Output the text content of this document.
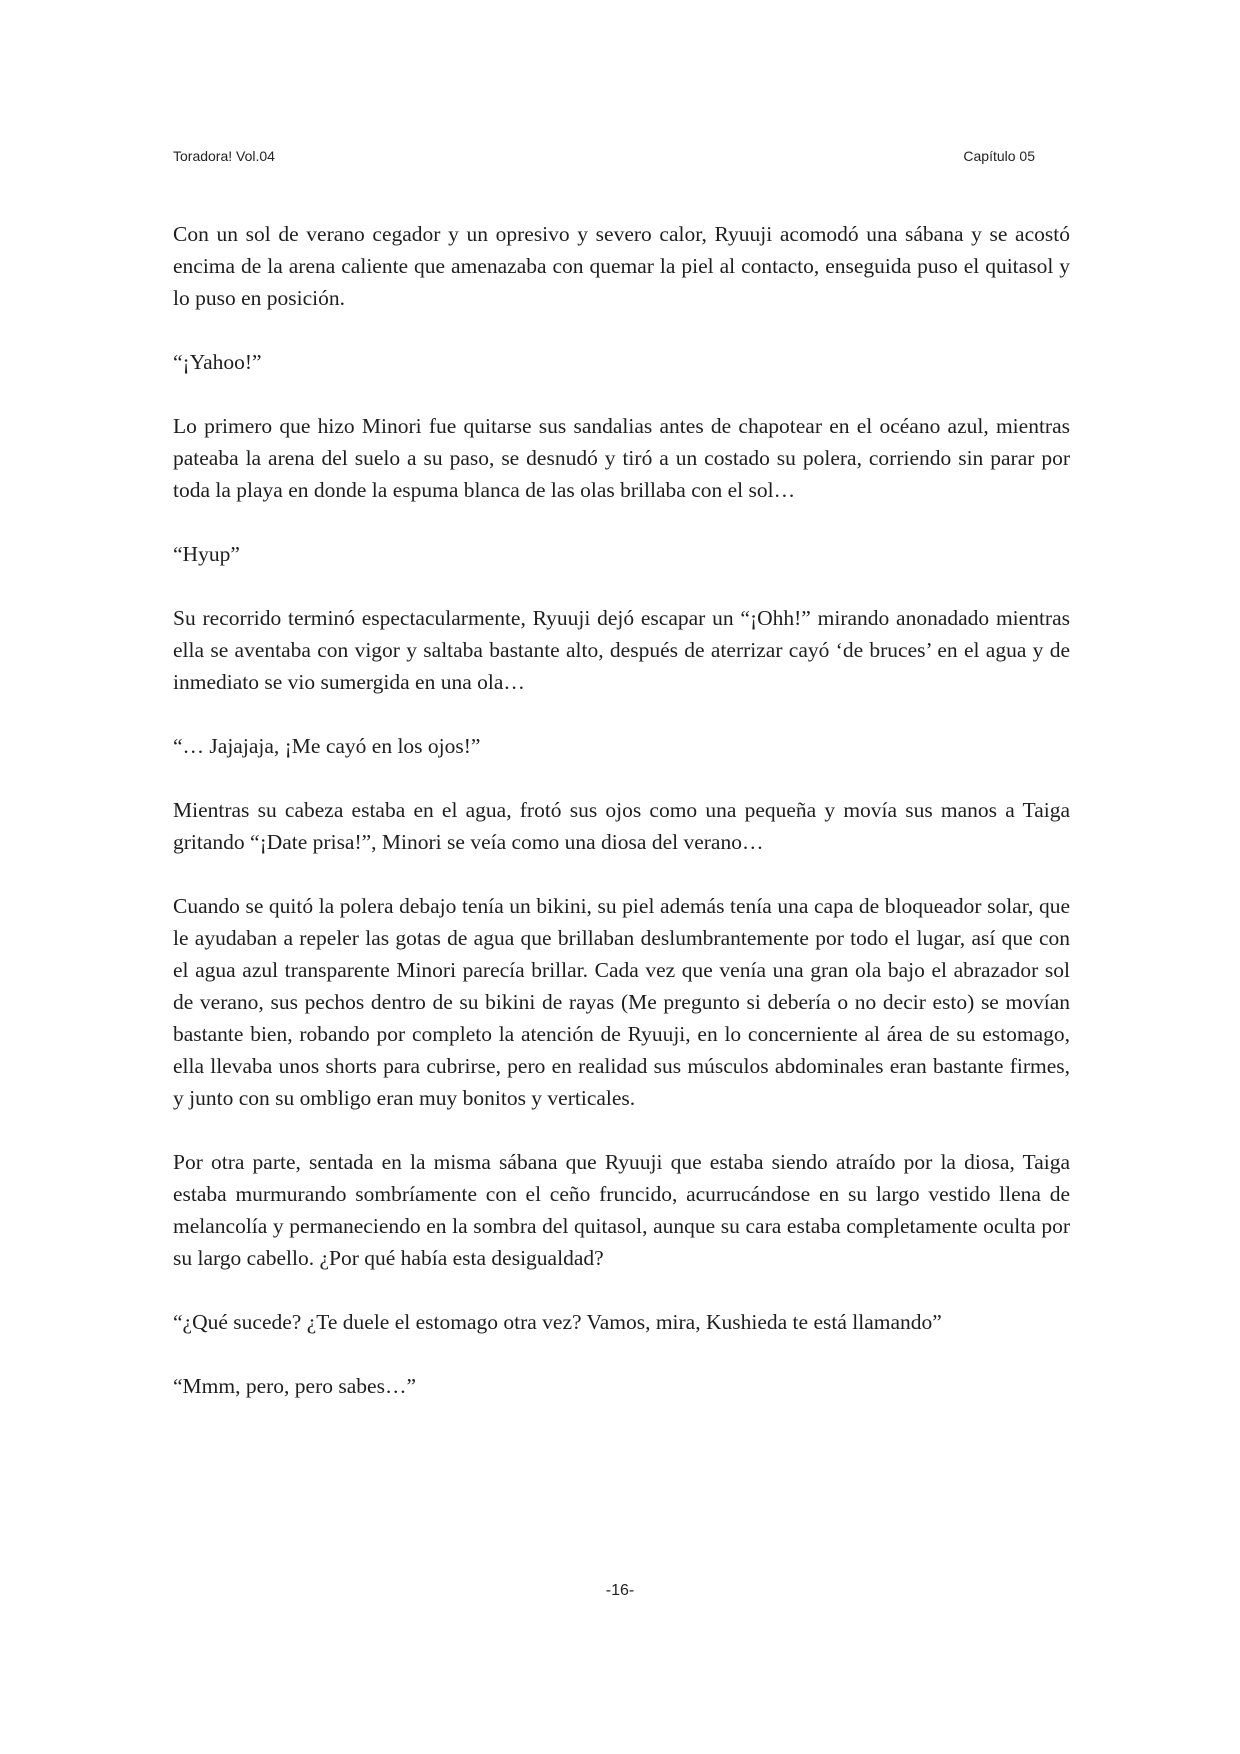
Toradora! Vol.04	Capítulo 05

Con un sol de verano cegador y un opresivo y severo calor, Ryuuji acomodó una sábana y se acostó encima de la arena caliente que amenazaba con quemar la piel al contacto, enseguida puso el quitasol y lo puso en posición.

“¡Yahoo!”

Lo primero que hizo Minori fue quitarse sus sandalias antes de chapotear en el océano azul, mientras pateaba la arena del suelo a su paso, se desnudó y tiró a un costado su polera, corriendo sin parar por toda la playa en donde la espuma blanca de las olas brillaba con el sol…

“Hyup”

Su recorrido terminó espectacularmente, Ryuuji dejó escapar un “¡Ohh!” mirando anonadado mientras ella se aventaba con vigor y saltaba bastante alto, después de aterrizar cayó ‘de bruces’ en el agua y de inmediato se vio sumergida en una ola…

“… Jajajaja, ¡Me cayó en los ojos!”

Mientras su cabeza estaba en el agua, frotó sus ojos como una pequeña y movía sus manos a Taiga gritando “¡Date prisa!”, Minori se veía como una diosa del verano…

Cuando se quitó la polera debajo tenía un bikini, su piel además tenía una capa de bloqueador solar, que le ayudaban a repeler las gotas de agua que brillaban deslumbrantemente por todo el lugar, así que con el agua azul transparente Minori parecía brillar. Cada vez que venía una gran ola bajo el abrazador sol de verano, sus pechos dentro de su bikini de rayas (Me pregunto si debería o no decir esto) se movían bastante bien, robando por completo la atención de Ryuuji, en lo concerniente al área de su estomago, ella llevaba unos shorts para cubrirse, pero en realidad sus músculos abdominales eran bastante firmes, y junto con su ombligo eran muy bonitos y verticales.

Por otra parte, sentada en la misma sábana que Ryuuji que estaba siendo atraído por la diosa, Taiga estaba murmurando sombríamente con el ceño fruncido, acurrucándose en su largo vestido llena de melancolía y permaneciendo en la sombra del quitasol, aunque su cara estaba completamente oculta por su largo cabello. ¿Por qué había esta desigualdad?

“¿Qué sucede? ¿Te duele el estomago otra vez? Vamos, mira, Kushieda te está llamando”

“Mmm, pero, pero sabes…”

-16-
